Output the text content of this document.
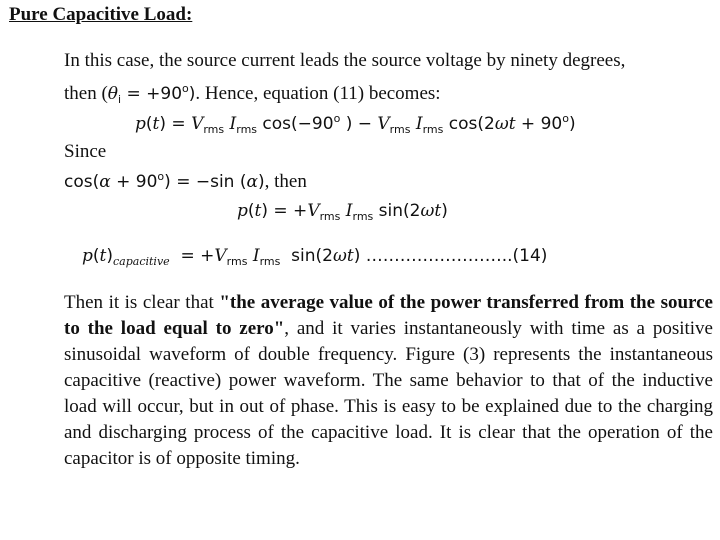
Pure Capacitive Load:
In this case, the source current leads the source voltage by ninety degrees,
then $(\theta_i = +90^o)$. Hence, equation (11) becomes:
$p(t) = V_{rms}$ $I_{rms}$ $\cos(-90^o$ ) − $V_{rms}$ $I_{rms}$ $\cos(2\omega t + 90^o)$
Since
$\cos(\alpha + 90^o) = -\sin$ (α), then
$p(t) = +V_{rms}$ $I_{rms}$ sin(2ωt)
$p(t)_{capacitive} = +V_{rms}$ $I_{rms}$  sin(2ωt) ……………………..(14)
Then it is clear that "the average value of the power transferred from the source to the load equal to zero", and it varies instantaneously with time as a positive sinusoidal waveform of double frequency. Figure (3) represents the instantaneous capacitive (reactive) power waveform. The same behavior to that of the inductive load will occur, but in out of phase. This is easy to be explained due to the charging and discharging process of the capacitive load. It is clear that the operation of the capacitor is of opposite timing.
